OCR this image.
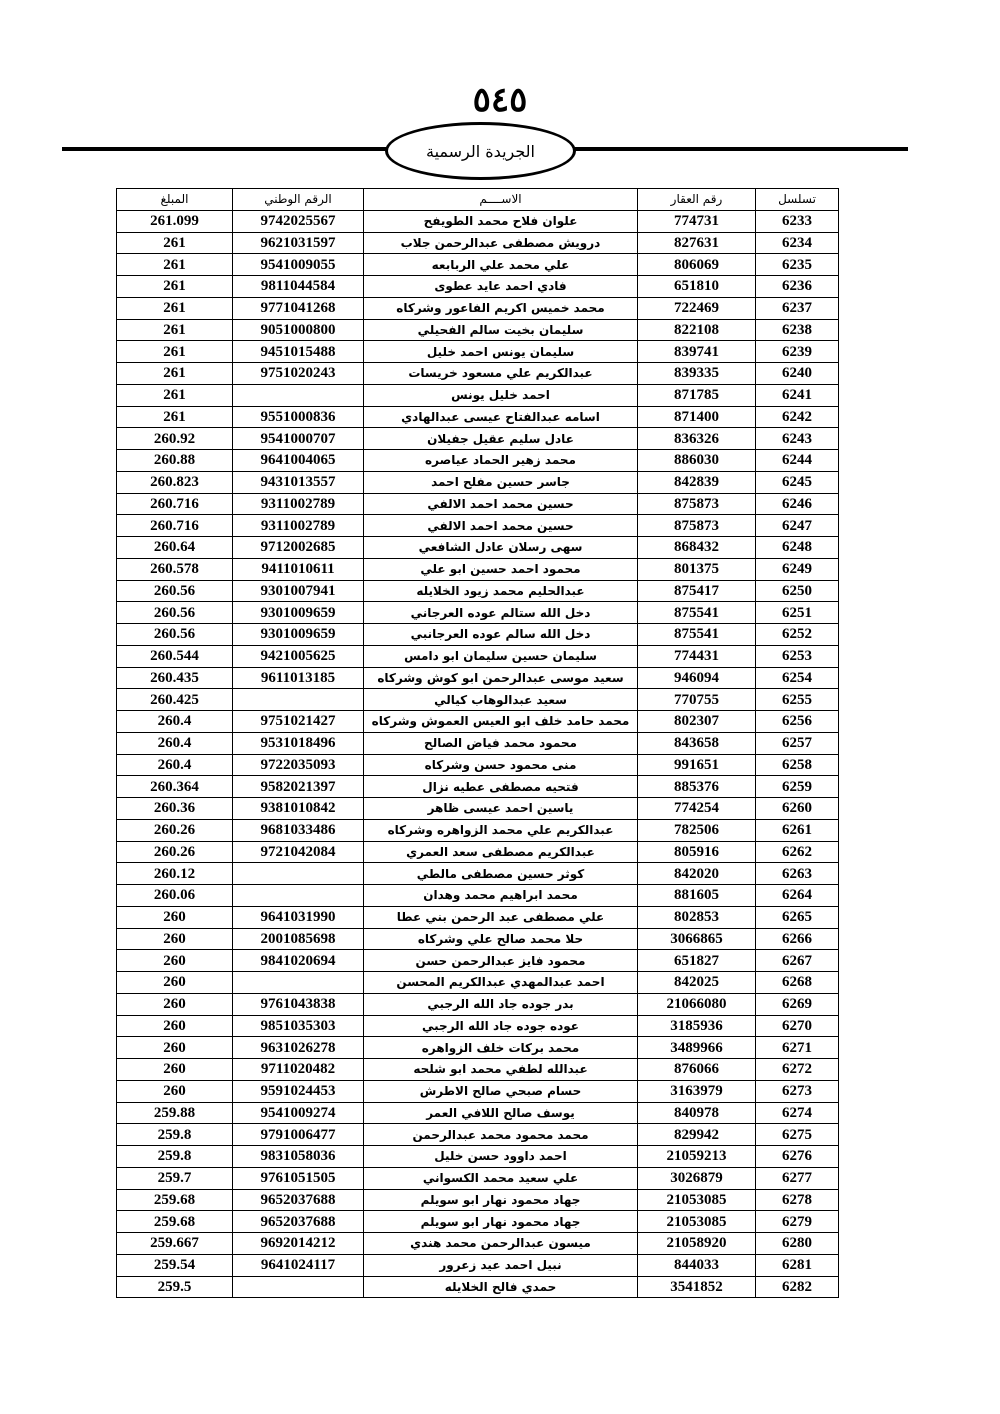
٥٤٥
الجريدة الرسمية
تسلسل	رقم العقار	الاســــم	الرقم الوطني	المبلغ
6233	774731	علوان فلاح محمد الطويفح	9742025567	261.099
6234	827631	درويش مصطفى عبدالرحمن جلاب	9621031597	261
6235	806069	علي محمد علي الربابعه	9541009055	261
6236	651810	فادي احمد عايد عطوى	9811044584	261
6237	722469	محمد خميس اكريم الفاعور وشركاه	9771041268	261
6238	822108	سليمان بخيت سالم الفحيلي	9051000800	261
6239	839741	سليمان يونس احمد خليل	9451015488	261
6240	839335	عبدالكريم علي مسعود خريسات	9751020243	261
6241	871785	احمد خليل يونس		261
6242	871400	اسامه عبدالفتاح عيسى عبدالهادي	9551000836	261
6243	836326	عادل سليم عقيل جفيلان	9541000707	260.92
6244	886030	محمد زهير الحماد عياصره	9641004065	260.88
6245	842839	جاسر حسين مفلح احمد	9431013557	260.823
6246	875873	حسين محمد احمد الالفي	9311002789	260.716
6247	875873	حسين محمد احمد الالفي	9311002789	260.716
6248	868432	سهى رسلان عادل الشافعي	9712002685	260.64
6249	801375	محمود احمد حسين ابو علي	9411010611	260.578
6250	875417	عبدالحليم محمد زيود الخلايله	9301007941	260.56
6251	875541	دخل الله ستالم عوده العرجاني	9301009659	260.56
6252	875541	دخل الله سالم عوده العرجانبي	9301009659	260.56
6253	774431	سليمان حسين سليمان ابو دامس	9421005625	260.544
6254	946094	سعيد موسى عبدالرحمن ابو كوش وشركاه	9611013185	260.435
6255	770755	سعيد عبدالوهاب كيالي		260.425
6256	802307	محمد حامد خلف ابو العيس العموش وشركاه	9751021427	260.4
6257	843658	محمود محمد فياض الصالح	9531018496	260.4
6258	991651	منى محمود حسن وشركاه	9722035093	260.4
6259	885376	فتحيه مصطفى عطيه نزال	9582021397	260.364
6260	774254	ياسين احمد عيسى ظاهر	9381010842	260.36
6261	782506	عبدالكريم علي محمد الزواهره وشركاه	9681033486	260.26
6262	805916	عبدالكريم مصطفى سعد العمري	9721042084	260.26
6263	842020	كوثر حسين مصطفى مالطي		260.12
6264	881605	محمد ابراهيم محمد وهدان		260.06
6265	802853	علي مصطفى عبد الرحمن بني عطا	9641031990	260
6266	3066865	حلا محمد صالح علي وشركاه	2001085698	260
6267	651827	محمود فايز عبدالرحمن حسن	9841020694	260
6268	842025	احمد عبدالمهدي عبدالكريم المحسن		260
6269	21066080	بدر جوده جاد الله الرجبي	9761043838	260
6270	3185936	عوده جوده جاد الله الرجبي	9851035303	260
6271	3489966	محمد بركات خلف الزواهره	9631026278	260
6272	876066	عبدالله لطفي محمد ابو شلحه	9711020482	260
6273	3163979	حسام صبحي صالح الاطرش	9591024453	260
6274	840978	يوسف صالح اللافي العمر	9541009274	259.88
6275	829942	محمد محمود محمد عبدالرحمن	9791006477	259.8
6276	21059213	احمد داوود حسن خليل	9831058036	259.8
6277	3026879	علي سعيد محمد الكسواني	9761051505	259.7
6278	21053085	جهاد محمود نهار ابو سويلم	9652037688	259.68
6279	21053085	جهاد محمود نهار ابو سويلم	9652037688	259.68
6280	21058920	ميسون عبدالرحمن محمد هندي	9692014212	259.667
6281	844033	نبيل احمد عيد زعرور	9641024117	259.54
6282	3541852	حمدي فالح الخلايله		259.5
